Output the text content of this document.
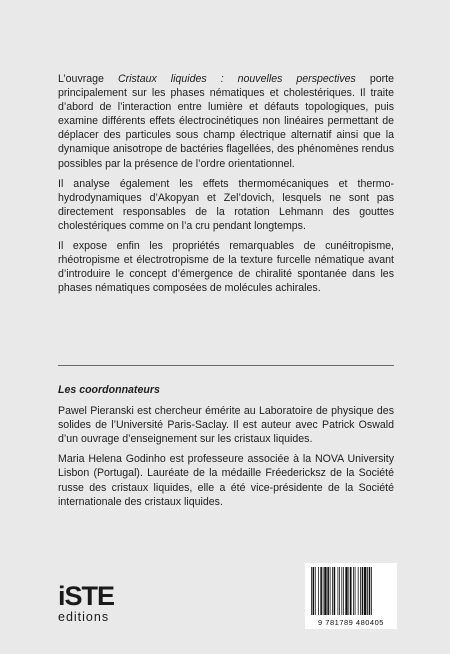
L’ouvrage Cristaux liquides : nouvelles perspectives porte principalement sur les phases nématiques et cholestériques. Il traite d’abord de l’interaction entre lumière et défauts topologiques, puis examine différents effets électrocinétiques non linéaires permettant de déplacer des particules sous champ électrique alternatif ainsi que la dynamique anisotrope de bactéries flagellées, des phénomènes rendus possibles par la présence de l’ordre orientationnel.

Il analyse également les effets thermomécaniques et thermo-hydrodynamiques d’Akopyan et Zel’dovich, lesquels ne sont pas directement responsables de la rotation Lehmann des gouttes cholestériques comme on l’a cru pendant longtemps.

Il expose enfin les propriétés remarquables de cunéitropisme, rhéotropisme et électrotropisme de la texture furcelle nématique avant d’introduire le concept d’émergence de chiralité spontanée dans les phases nématiques composées de molécules achirales.

Les coordonnateurs

Pawel Pieranski est chercheur émérite au Laboratoire de physique des solides de l’Université Paris-Saclay. Il est auteur avec Patrick Oswald d’un ouvrage d’enseignement sur les cristaux liquides.

Maria Helena Godinho est professeure associée à la NOVA University Lisbon (Portugal). Lauréate de la médaille Fréedericksz de la Société russe des cristaux liquides, elle a été vice-présidente de la Société internationale des cristaux liquides.

iSTE
editions	9 781789 480405
